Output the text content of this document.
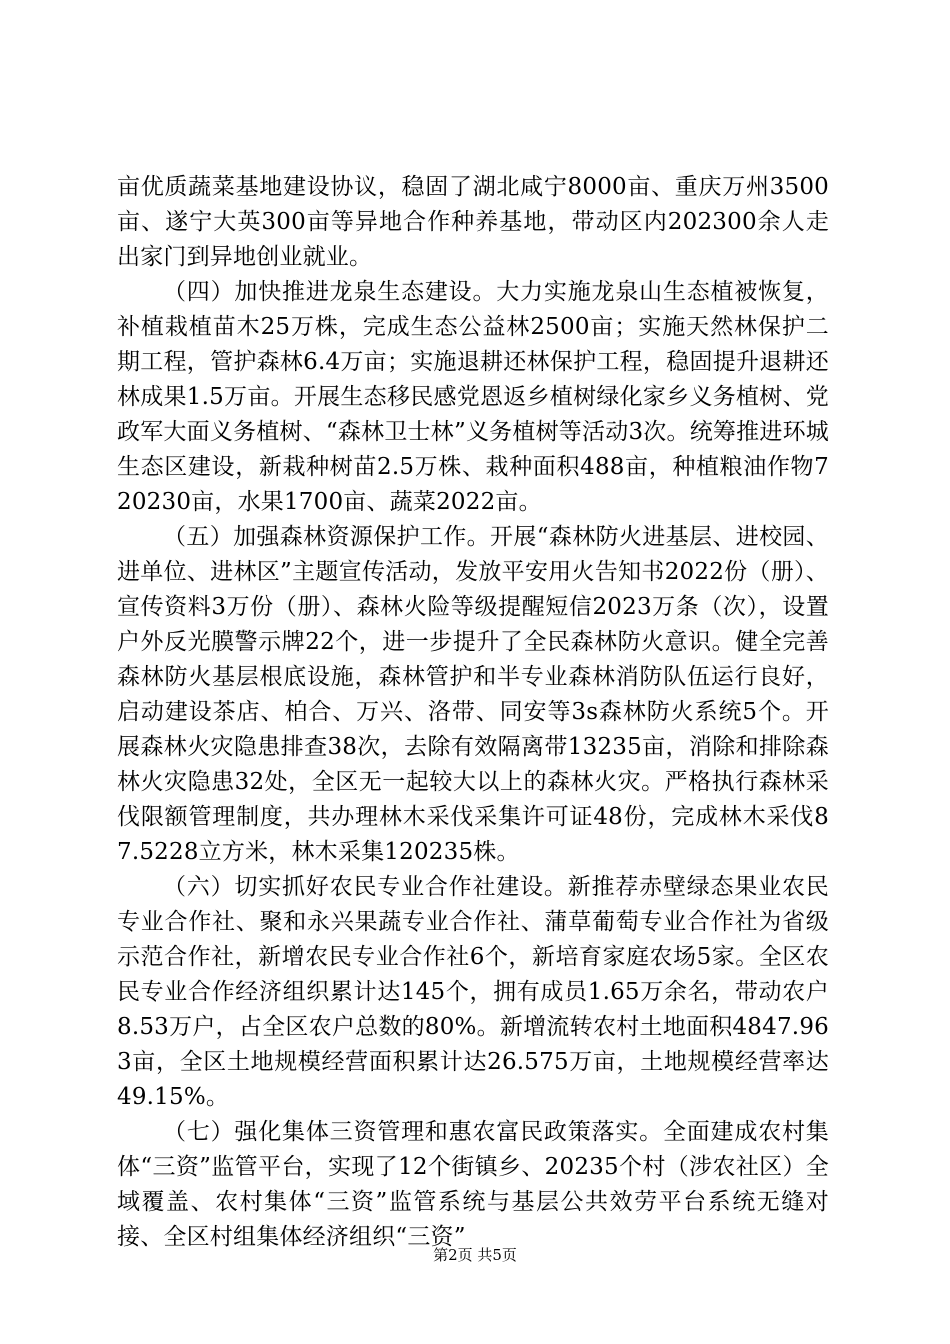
亩优质蔬菜基地建设协议，稳固了湖北咸宁8000亩、重庆万州3500亩、遂宁大英300亩等异地合作种养基地，带动区内202300余人走出家门到异地创业就业。

（四）加快推进龙泉生态建设。大力实施龙泉山生态植被恢复，补植栽植苗木25万株，完成生态公益林2500亩；实施天然林保护二期工程，管护森林6.4万亩；实施退耕还林保护工程，稳固提升退耕还林成果1.5万亩。开展生态移民感党恩返乡植树绿化家乡义务植树、党政军大面义务植树、“森林卫士林”义务植树等活动3次。统筹推进环城生态区建设，新栽种树苗2.5万株、栽种面积488亩，种植粮油作物720230亩，水果1700亩、蔬菜2022亩。

（五）加强森林资源保护工作。开展“森林防火进基层、进校园、进单位、进林区”主题宣传活动，发放平安用火告知书2022份（册）、宣传资料3万份（册）、森林火险等级提醒短信2023万条（次），设置户外反光膜警示牌22个，进一步提升了全民森林防火意识。健全完善森林防火基层根底设施，森林管护和半专业森林消防队伍运行良好，启动建设茶店、柏合、万兴、洛带、同安等3s森林防火系统5个。开展森林火灾隐患排查38次，去除有效隔离带13235亩，消除和排除森林火灾隐患32处，全区无一起较大以上的森林火灾。严格执行森林采伐限额管理制度，共办理林木采伐采集许可证48份，完成林木采伐87.5228立方米，林木采集120235株。

（六）切实抓好农民专业合作社建设。新推荐赤壁绿态果业农民专业合作社、聚和永兴果蔬专业合作社、蒲草葡萄专业合作社为省级示范合作社，新增农民专业合作社6个，新培育家庭农场5家。全区农民专业合作经济组织累计达145个，拥有成员1.65万余名，带动农户8.53万户，占全区农户总数的80%。新增流转农村土地面积4847.963亩，全区土地规模经营面积累计达26.575万亩，土地规模经营率达49.15%。

（七）强化集体三资管理和惠农富民政策落实。全面建成农村集体“三资”监管平台，实现了12个街镇乡、20235个村（涉农社区）全域覆盖、农村集体“三资”监管系统与基层公共效劳平台系统无缝对接、全区村组集体经济组织“三资”

第2页 共5页
